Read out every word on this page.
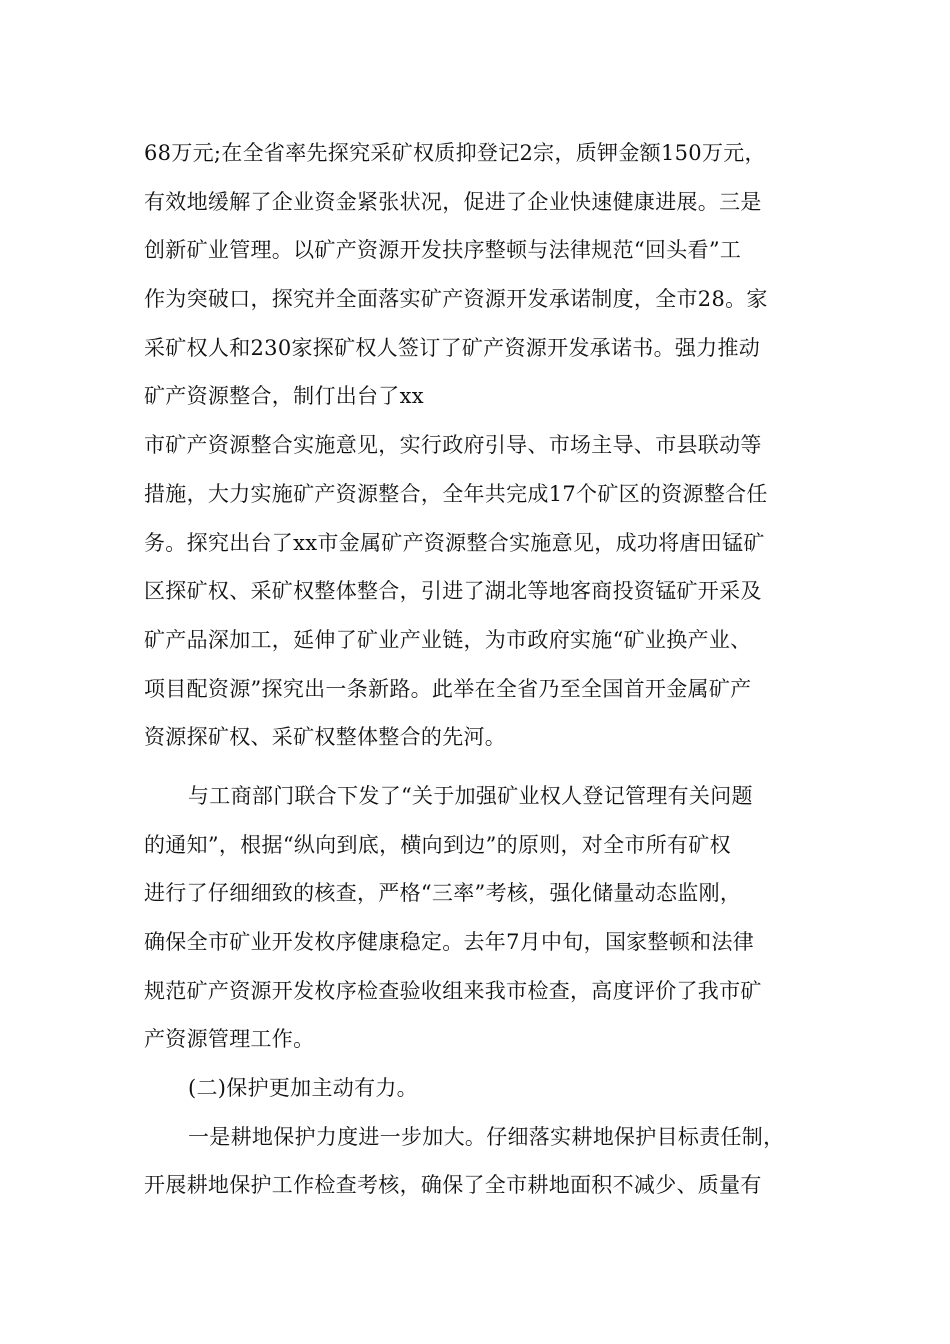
68万元;在全省率先探究采矿权质抑登记2宗，质钾金额150万元，
有效地缓解了企业资金紧张状况，促进了企业快速健康进展。三是
创新矿业管理。以矿产资源开发扶序整顿与法律规范“回头看”工
作为突破口，探究并全面落实矿产资源开发承诺制度，全市28。家
采矿权人和230家探矿权人签订了矿产资源开发承诺书。强力推动
矿产资源整合，制仃出台了xx
市矿产资源整合实施意见，实行政府引导、市场主导、市县联动等
措施，大力实施矿产资源整合，全年共完成17个矿区的资源整合任
务。探究出台了xx市金属矿产资源整合实施意见，成功将唐田锰矿
区探矿权、采矿权整体整合，引进了湖北等地客商投资锰矿开采及
矿产品深加工，延伸了矿业产业链，为市政府实施“矿业换产业、
项目配资源”探究出一条新路。此举在全省乃至全国首开金属矿产
资源探矿权、采矿权整体整合的先河。
与工商部门联合下发了“关于加强矿业权人登记管理有关问题
的通知”，根据“纵向到底，横向到边”的原则，对全市所有矿权
进行了仔细细致的核查，严格“三率”考核，强化储量动态监刚，
确保全市矿业开发枚序健康稳定。去年7月中旬，国家整顿和法律
规范矿产资源开发枚序检查验收组来我市检查，高度评价了我市矿
产资源管理工作。
(二)保护更加主动有力。
一是耕地保护力度进一步加大。仔细落实耕地保护目标责任制，
开展耕地保护工作检查考核，确保了全市耕地面积不减少、质量有
